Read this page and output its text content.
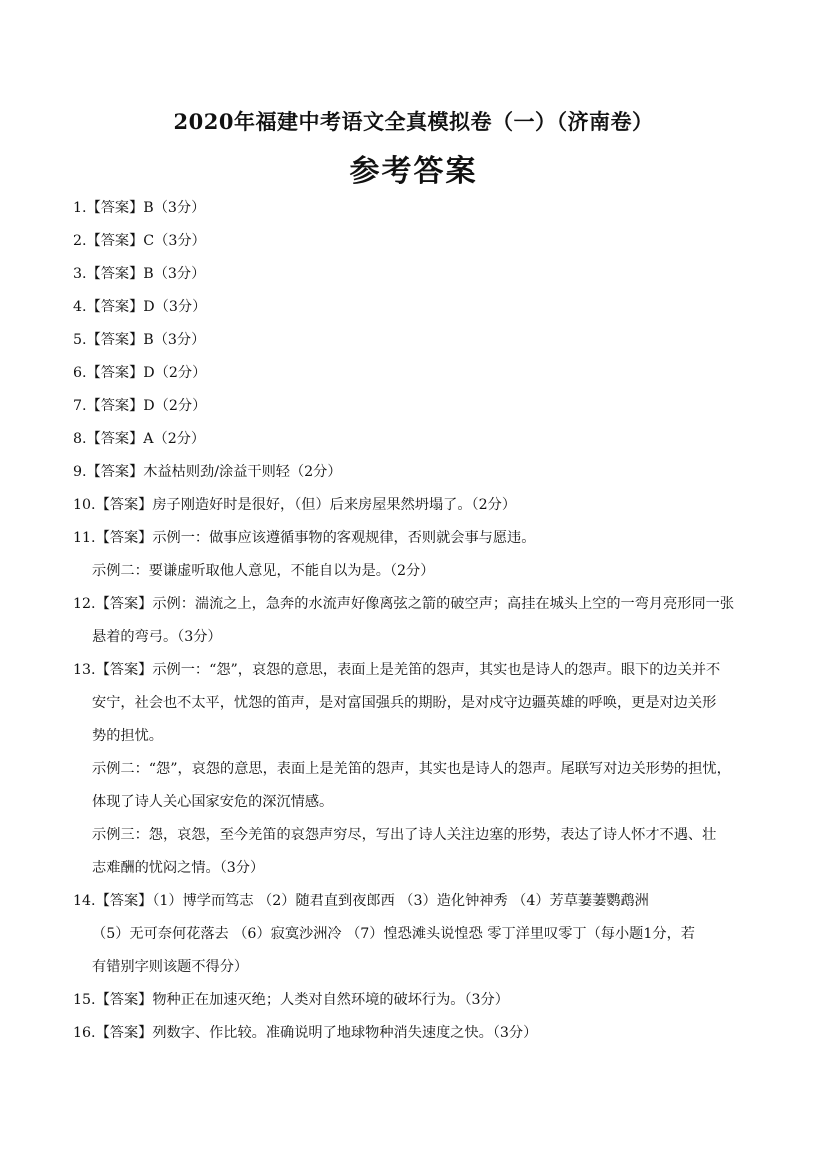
2020年福建中考语文全真模拟卷（一）（济南卷）
参考答案
1.【答案】B（3分）
2.【答案】C（3分）
3.【答案】B（3分）
4.【答案】D（3分）
5.【答案】B（3分）
6.【答案】D（2分）
7.【答案】D（2分）
8.【答案】A（2分）
9.【答案】木益枯则劲/涂益干则轻（2分）
10.【答案】房子刚造好时是很好，（但）后来房屋果然坍塌了。（2分）
11.【答案】示例一：做事应该遵循事物的客观规律，否则就会事与愿违。
示例二：要谦虚听取他人意见，不能自以为是。（2分）
12.【答案】示例：湍流之上，急奔的水流声好像离弦之箭的破空声；高挂在城头上空的一弯月亮形同一张
悬着的弯弓。（3分）
13.【答案】示例一：“怨”，哀怨的意思，表面上是羌笛的怨声，其实也是诗人的怨声。眼下的边关并不
安宁，社会也不太平，忧怨的笛声，是对富国强兵的期盼，是对戍守边疆英雄的呼唤，更是对边关形
势的担忧。
示例二：“怨”，哀怨的意思，表面上是羌笛的怨声，其实也是诗人的怨声。尾联写对边关形势的担忧，
体现了诗人关心国家安危的深沉情感。
示例三：怨，哀怨，至今羌笛的哀怨声穷尽，写出了诗人关注边塞的形势，表达了诗人怀才不遇、壮
志难酬的忧闷之情。（3分）
14.【答案】（1）博学而笃志 （2）随君直到夜郎西 （3）造化钟神秀 （4）芳草萋萋鹦鹉洲
（5）无可奈何花落去 （6）寂寞沙洲冷 （7）惶恐滩头说惶恐 零丁洋里叹零丁（每小题1分，若
有错别字则该题不得分）
15.【答案】物种正在加速灭绝；人类对自然环境的破坏行为。（3分）
16.【答案】列数字、作比较。准确说明了地球物种消失速度之快。（3分）
